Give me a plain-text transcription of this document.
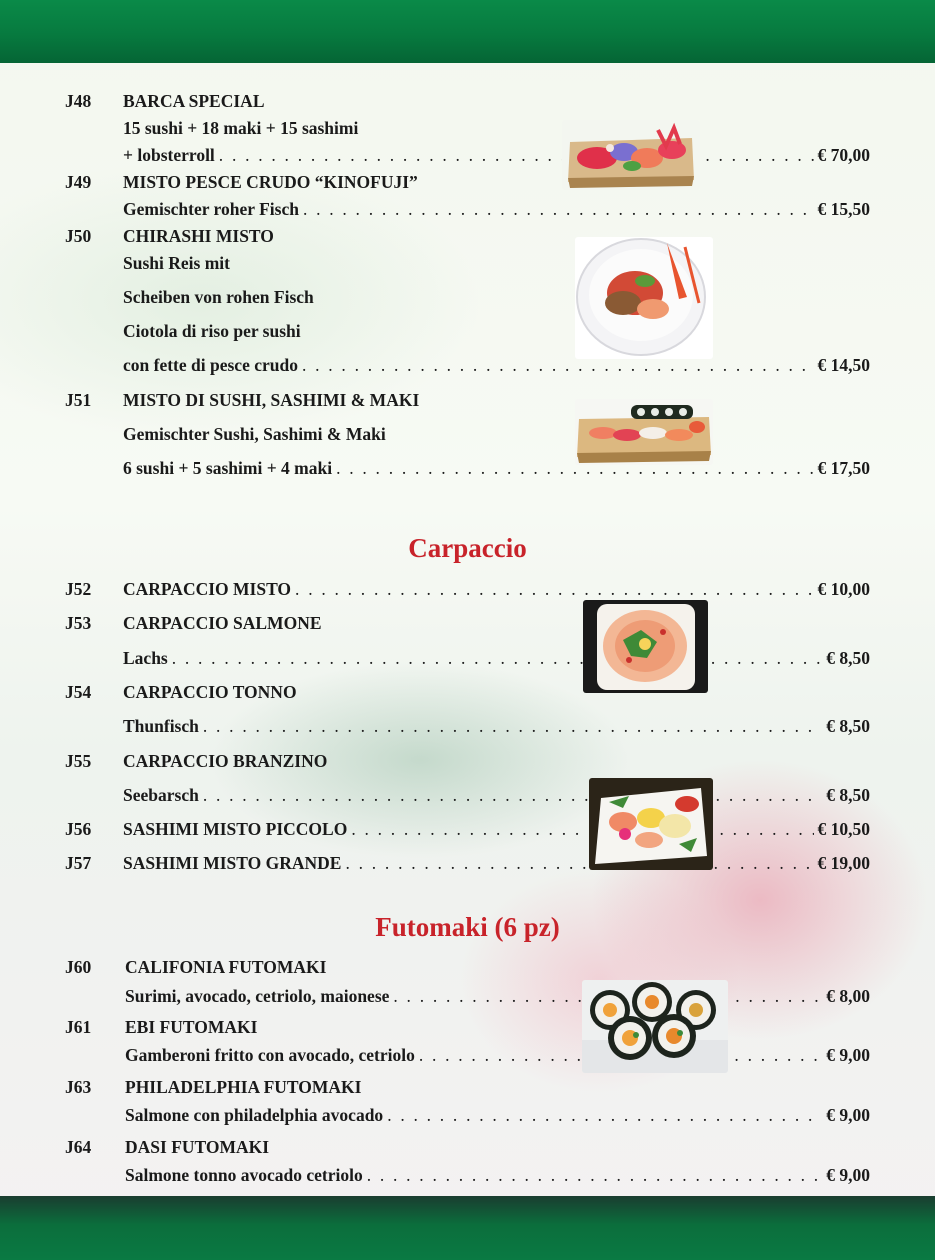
J48 BARCA SPECIAL
15 sushi + 18 maki + 15 sashimi
+ lobsterroll . . .	€ 70,00
J49 MISTO PESCE CRUDO “KINOFUJI”
Gemischter roher Fisch . . .	€ 15,50
J50 CHIRASHI MISTO
Sushi Reis mit
Scheiben von rohen Fisch
Ciotola di riso per sushi
con fette di pesce crudo . . .	€ 14,50
J51 MISTO DI SUSHI, SASHIMI & MAKI
Gemischter Sushi, Sashimi & Maki
6 sushi + 5 sashimi + 4 maki . . .	€ 17,50
Carpaccio
J52 CARPACCIO MISTO . . .	€ 10,00
J53 CARPACCIO SALMONE
Lachs . . .	€ 8,50
J54 CARPACCIO TONNO
Thunfisch . . .	€ 8,50
J55 CARPACCIO BRANZINO
Seebarsch . . .	€ 8,50
J56 SASHIMI MISTO PICCOLO . . .	€ 10,50
J57 SASHIMI MISTO GRANDE . . .	€ 19,00
Futomaki (6 pz)
J60 CALIFONIA FUTOMAKI
Surimi, avocado, cetriolo, maionese . . .	€ 8,00
J61 EBI FUTOMAKI
Gamberoni fritto con avocado, cetriolo . . .	€ 9,00
J63 PHILADELPHIA FUTOMAKI
Salmone con philadelphia avocado . . .	€ 9,00
J64 DASI FUTOMAKI
Salmone tonno avocado cetriolo . . .	€ 9,00
